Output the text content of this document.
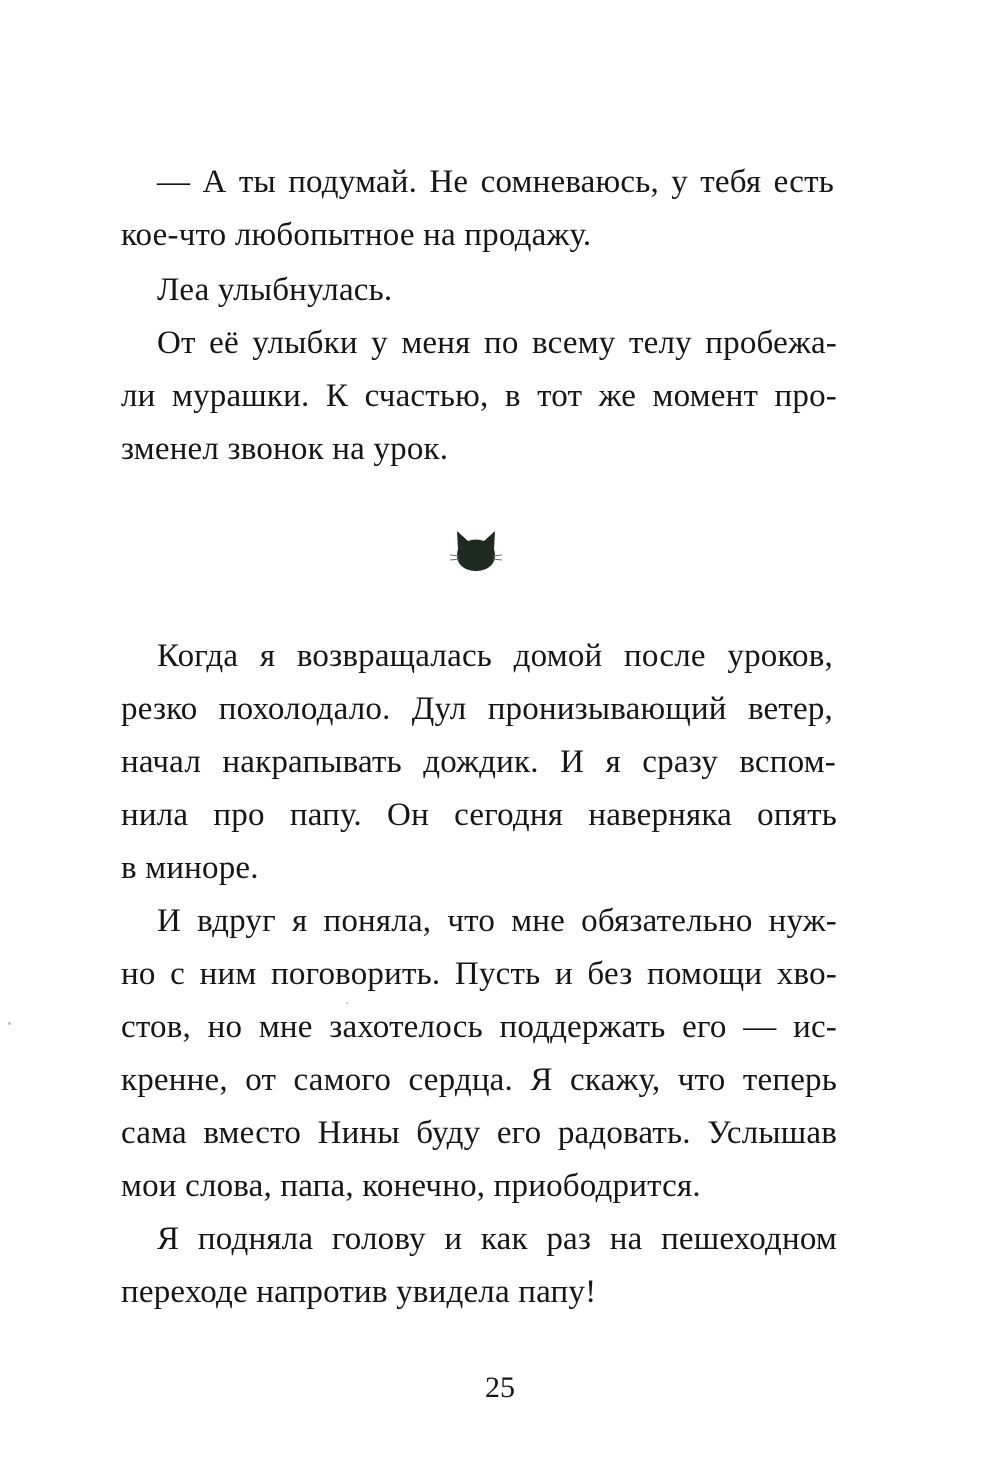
— А ты подумай. Не сомневаюсь, у тебя есть
кое-что любопытное на продажу.
Леа улыбнулась.
От её улыбки у меня по всему телу пробежа-
ли мурашки. К счастью, в тот же момент про-
зменел звонок на урок.
Когда я возвращалась домой после уроков,
резко похолодало. Дул пронизывающий ветер,
начал накрапывать дождик. И я сразу вспом-
нила про папу. Он сегодня наверняка опять
в миноре.
И вдруг я поняла, что мне обязательно нуж-
но с ним поговорить. Пусть и без помощи хво-
стов, но мне захотелось поддержать его — ис-
кренне, от самого сердца. Я скажу, что теперь
сама вместо Нины буду его радовать. Услышав
мои слова, папа, конечно, приободрится.
Я подняла голову и как раз на пешеходном
переходе напротив увидела папу!
25
